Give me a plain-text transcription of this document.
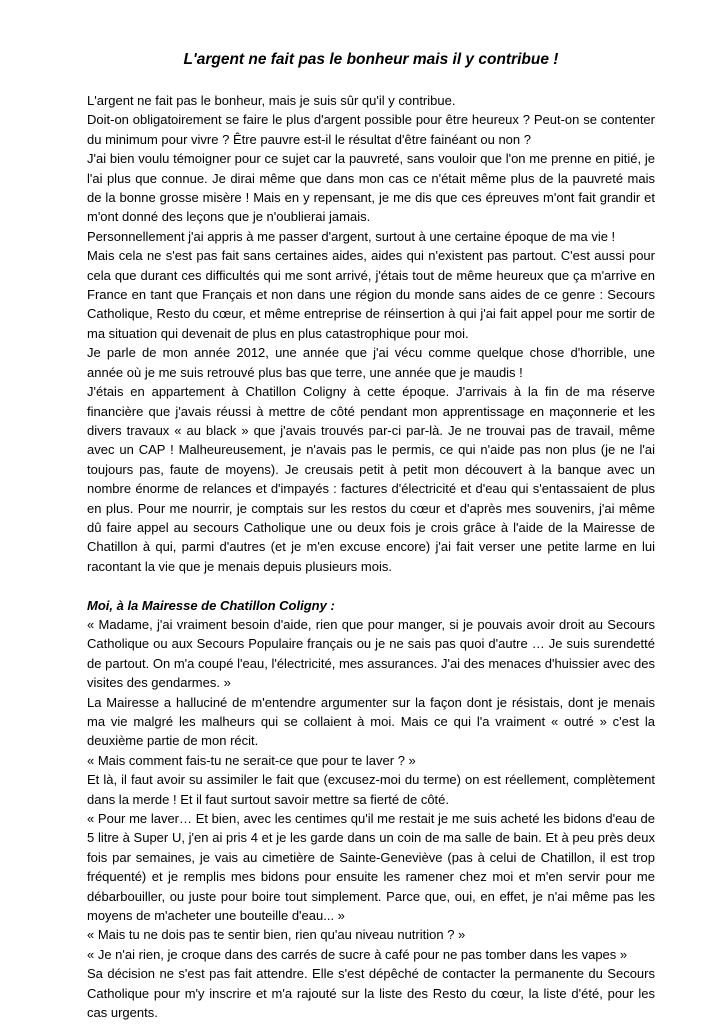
L'argent ne fait pas le bonheur mais il y contribue !

L'argent ne fait pas le bonheur, mais je suis sûr qu'il y contribue.

Doit-on obligatoirement se faire le plus d'argent possible pour être heureux ? Peut-on se contenter du minimum pour vivre ? Être pauvre est-il le résultat d'être fainéant ou non ?

J'ai bien voulu témoigner pour ce sujet car la pauvreté, sans vouloir que l'on me prenne en pitié, je l'ai plus que connue. Je dirai même que dans mon cas ce n'était même plus de la pauvreté mais de la bonne grosse misère ! Mais en y repensant, je me dis que ces épreuves m'ont fait grandir et m'ont donné des leçons que je n'oublierai jamais.

Personnellement j'ai appris à me passer d'argent, surtout à une certaine époque de ma vie !

Mais cela ne s'est pas fait sans certaines aides, aides qui n'existent pas partout. C'est aussi pour cela que durant ces difficultés qui me sont arrivé, j'étais tout de même heureux que ça m'arrive en France en tant que Français et non dans une région du monde sans aides de ce genre : Secours Catholique, Resto du cœur, et même entreprise de réinsertion à qui j'ai fait appel pour me sortir de ma situation qui devenait de plus en plus catastrophique pour moi.

Je parle de mon année 2012, une année que j'ai vécu comme quelque chose d'horrible, une année où je me suis retrouvé plus bas que terre, une année que je maudis !

J'étais en appartement à Chatillon Coligny à cette époque. J'arrivais à la fin de ma réserve financière que j'avais réussi à mettre de côté pendant mon apprentissage en maçonnerie et les divers travaux « au black » que j'avais trouvés par-ci par-là. Je ne trouvai pas de travail, même avec un CAP ! Malheureusement, je n'avais pas le permis, ce qui n'aide pas non plus (je ne l'ai toujours pas, faute de moyens). Je creusais petit à petit mon découvert à la banque avec un nombre énorme de relances et d'impayés : factures d'électricité et d'eau qui s'entassaient de plus en plus. Pour me nourrir, je comptais sur les restos du cœur et d'après mes souvenirs, j'ai même dû faire appel au secours Catholique une ou deux fois je crois grâce à l'aide de la Mairesse de Chatillon à qui, parmi d'autres (et je m'en excuse encore) j'ai fait verser une petite larme en lui racontant la vie que je menais depuis plusieurs mois.

Moi, à la Mairesse de Chatillon Coligny :

« Madame, j'ai vraiment besoin d'aide, rien que pour manger, si je pouvais avoir droit au Secours Catholique ou aux Secours Populaire français ou je ne sais pas quoi d'autre … Je suis surendetté de partout. On m'a coupé l'eau, l'électricité, mes assurances. J'ai des menaces d'huissier avec des visites des gendarmes. »

La Mairesse a halluciné de m'entendre argumenter sur la façon dont je résistais, dont je menais ma vie malgré les malheurs qui se collaient à moi. Mais ce qui l'a vraiment « outré » c'est la deuxième partie de mon récit.

« Mais comment fais-tu ne serait-ce que pour te laver ? »

Et là, il faut avoir su assimiler le fait que (excusez-moi du terme) on est réellement, complètement dans la merde ! Et il faut surtout savoir mettre sa fierté de côté.

« Pour me laver… Et bien, avec les centimes qu'il me restait je me suis acheté les bidons d'eau de 5 litre à Super U, j'en ai pris 4 et je les garde dans un coin de ma salle de bain. Et à peu près deux fois par semaines, je vais au cimetière de Sainte-Geneviève (pas à celui de Chatillon, il est trop fréquenté) et je remplis mes bidons pour ensuite les ramener chez moi et m'en servir pour me débarbouiller, ou juste pour boire tout simplement. Parce que, oui, en effet, je n'ai même pas les moyens de m'acheter une bouteille d'eau... »

« Mais tu ne dois pas te sentir bien, rien qu'au niveau nutrition ? »

« Je n'ai rien, je croque dans des carrés de sucre à café pour ne pas tomber dans les vapes »

Sa décision ne s'est pas fait attendre. Elle s'est dépêché de contacter la permanente du Secours Catholique pour m'y inscrire et m'a rajouté sur la liste des Resto du cœur, la liste d'été, pour les cas urgents.
